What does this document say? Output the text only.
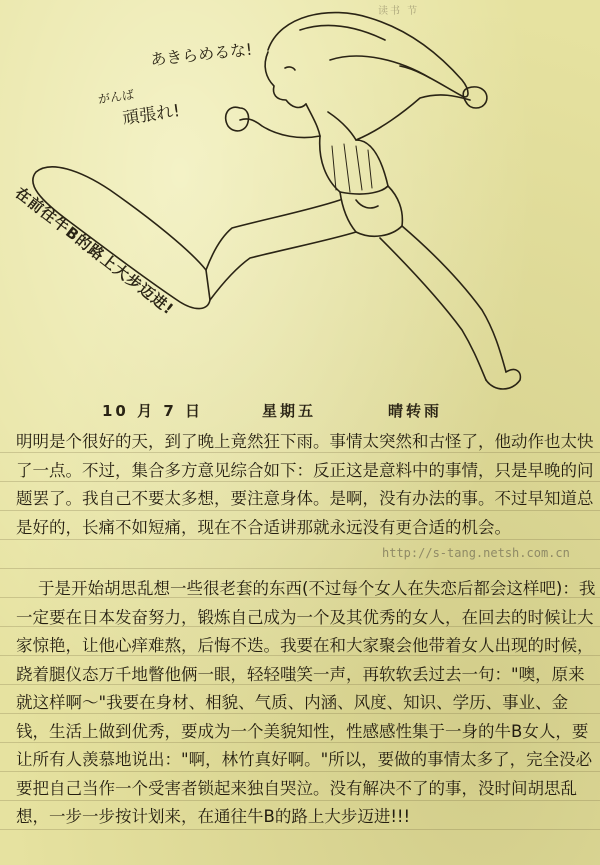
读书 节
あきらめるな!
がんば
頑張れ!
在前往牛B的路上大步迈进!
10 月 7 日	星期五	晴转雨
明明是个很好的天，到了晚上竟然狂下雨。事情太突然和古怪了，他动作也太快了一点。不过，集合多方意见综合如下：反正这是意料中的事情，只是早晚的问题罢了。我自己不要太多想，要注意身体。是啊，没有办法的事。不过早知道总是好的，长痛不如短痛，现在不合适讲那就永远没有更合适的机会。
http://s-tang.netsh.com.cn
于是开始胡思乱想一些很老套的东西(不过每个女人在失恋后都会这样吧)：我一定要在日本发奋努力，锻炼自己成为一个及其优秀的女人，在回去的时候让大家惊艳，让他心痒难熬，后悔不迭。我要在和大家聚会他带着女人出现的时候，跷着腿仪态万千地瞥他俩一眼，轻轻嗤笑一声，再软软丢过去一句："噢，原来就这样啊～"我要在身材、相貌、气质、内涵、风度、知识、学历、事业、金钱，生活上做到优秀，要成为一个美貌知性，性感感性集于一身的牛B女人，要让所有人羡慕地说出："啊，林竹真好啊。"所以，要做的事情太多了，完全没必要把自己当作一个受害者锁起来独自哭泣。没有解决不了的事，没时间胡思乱想，一步一步按计划来，在通往牛B的路上大步迈进!!!
